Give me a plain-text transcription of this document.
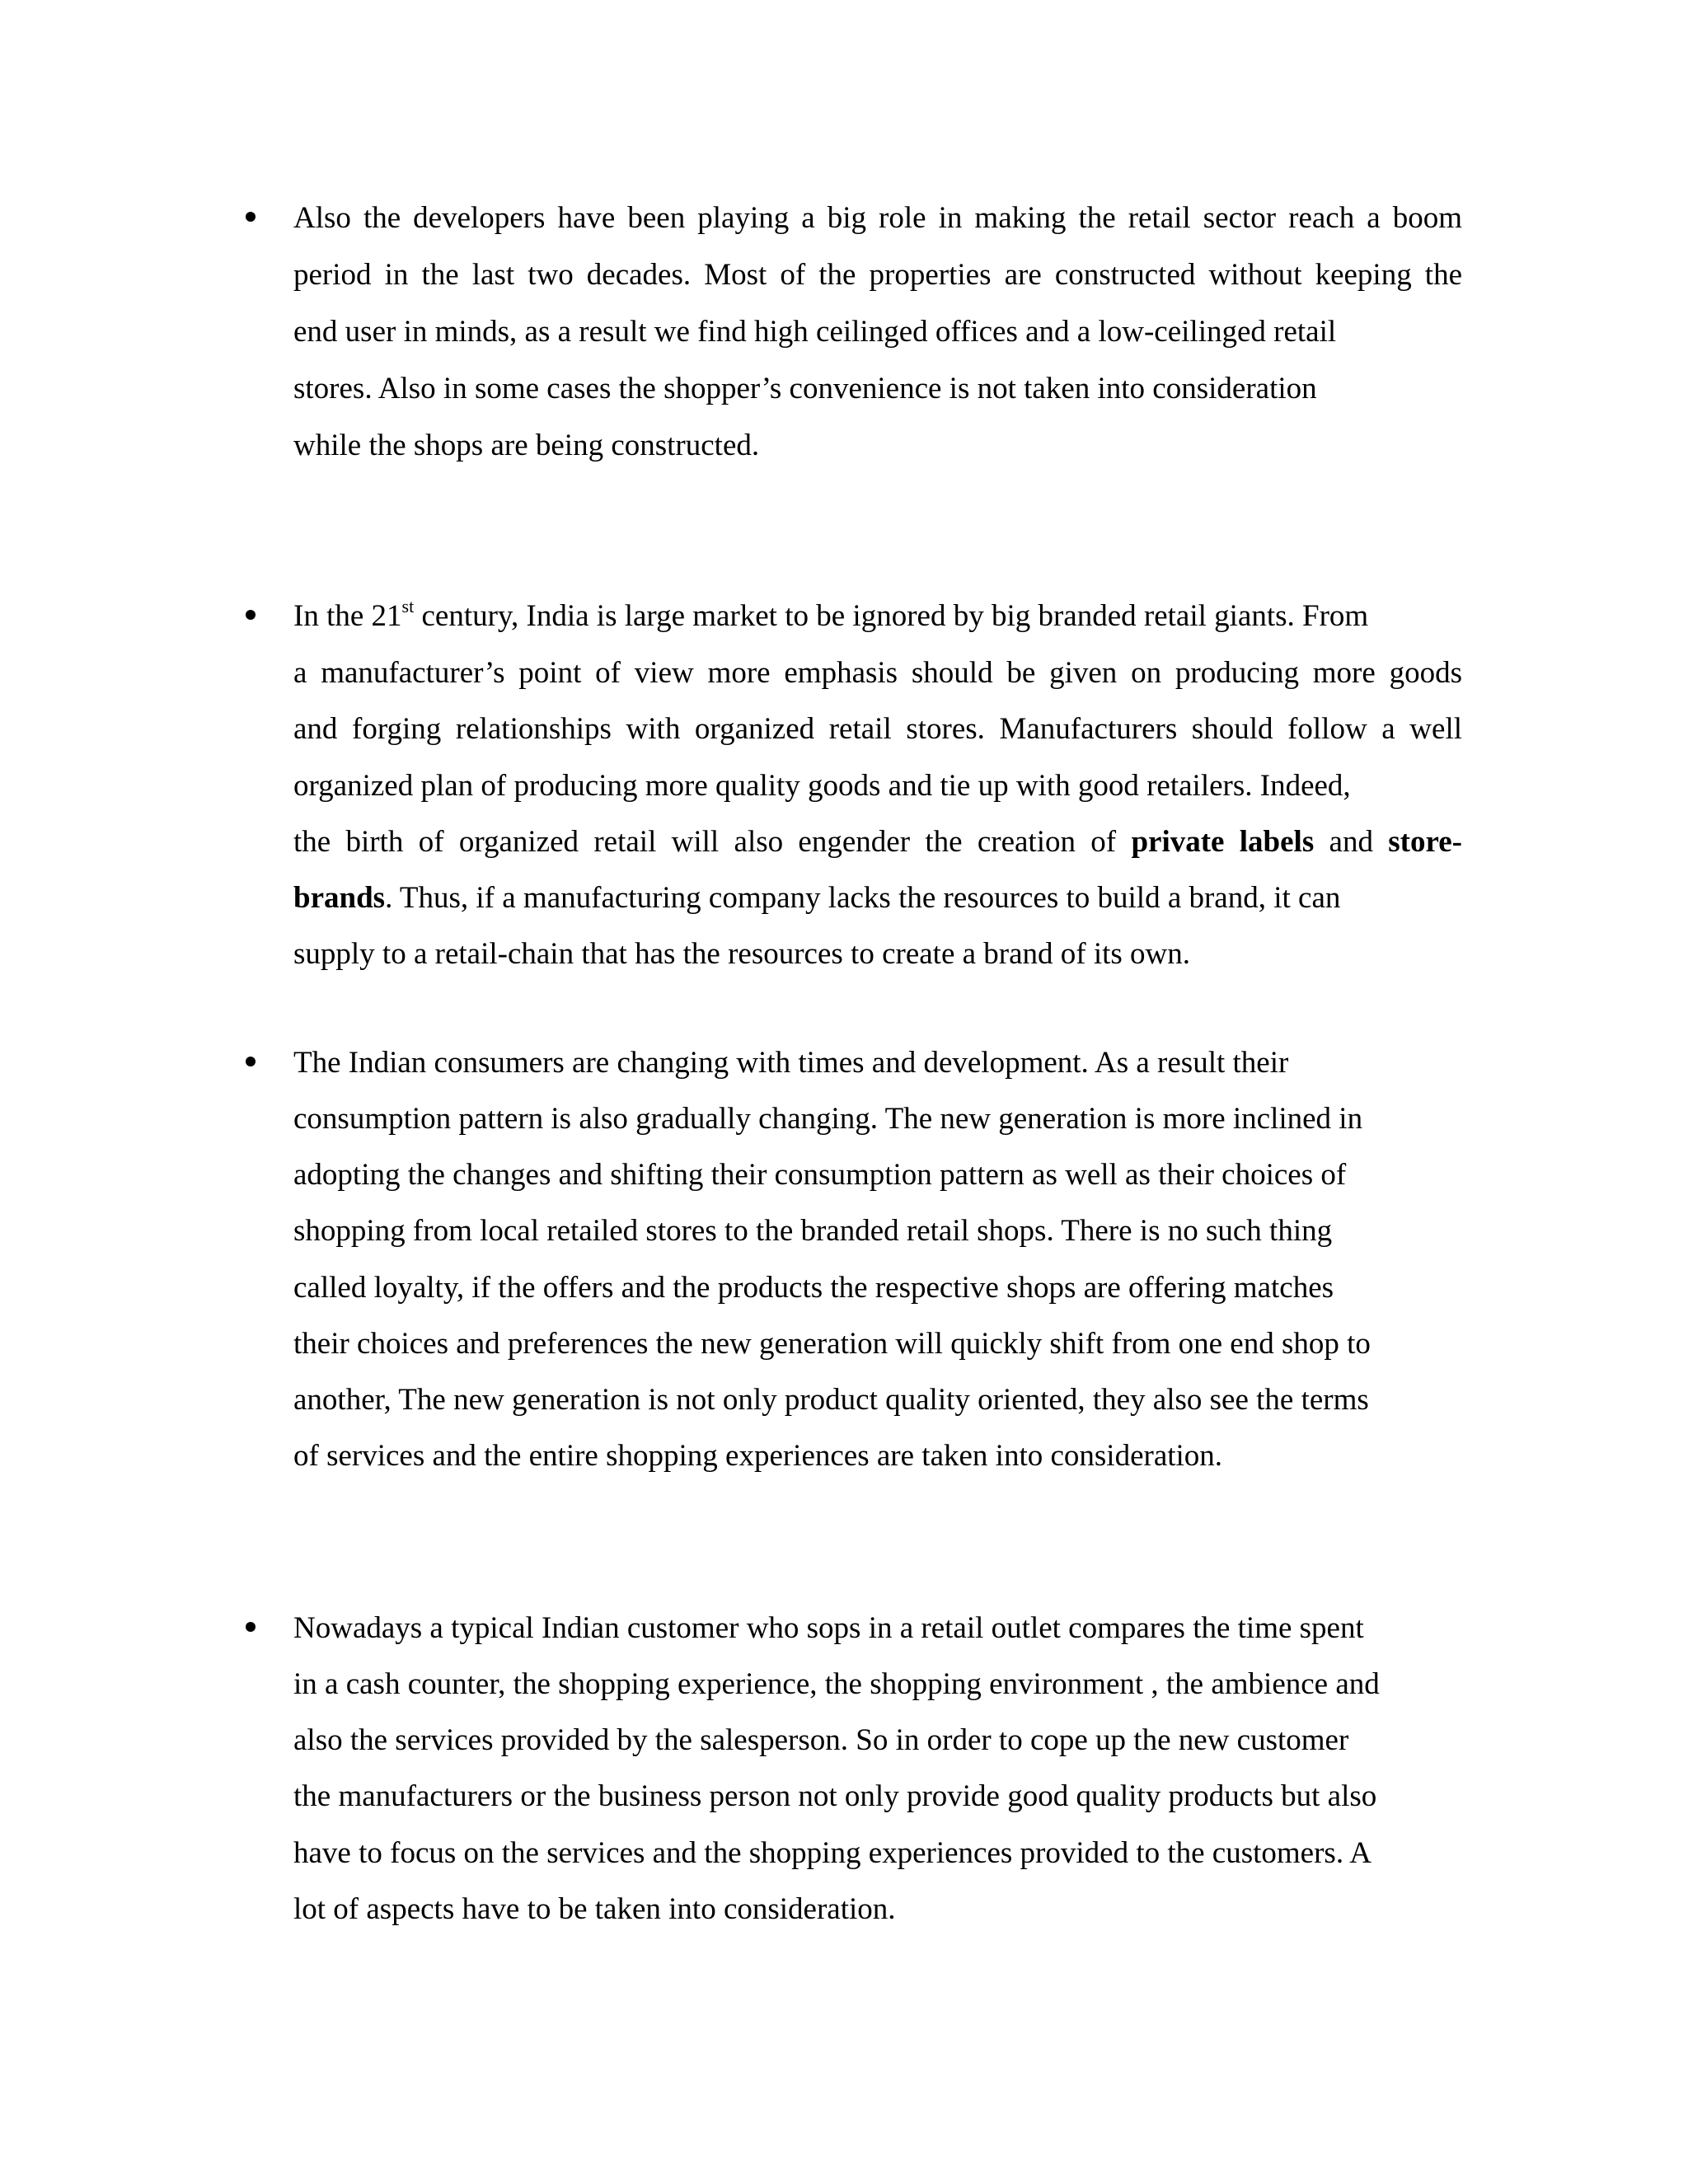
Also the developers have been playing a big role in making the retail sector reach a boom
period in the last two decades. Most of the properties are constructed without keeping the
end user in minds, as a result we find high ceilinged offices and a low-ceilinged retail
stores. Also in some cases the shopper’s convenience is not taken into consideration
while the shops are being constructed.
In the 21st century, India is large market to be ignored by big branded retail giants. From
a manufacturer’s point of view more emphasis should be given on producing more goods
and forging relationships with organized retail stores. Manufacturers should follow a well
organized plan of producing more quality goods and tie up with good retailers. Indeed,
the birth of organized retail will also engender the creation of private labels and store-
brands. Thus, if a manufacturing company lacks the resources to build a brand, it can
supply to a retail-chain that has the resources to create a brand of its own.
The Indian consumers are changing with times and development. As a result their
consumption pattern is also gradually changing. The new generation is more inclined in
adopting the changes and shifting their consumption pattern as well as their choices of
shopping from local retailed stores to the branded retail shops. There is no such thing
called loyalty, if the offers and the products the respective shops are offering matches
their choices and preferences the new generation will quickly shift from one end shop to
another, The new generation is not only product quality oriented, they also see the terms
of services and the entire shopping experiences are taken into consideration.
Nowadays a typical Indian customer who sops in a retail outlet compares the time spent
in a cash counter, the shopping experience, the shopping environment , the ambience and
also the services provided by the salesperson. So in order to cope up the new customer
the manufacturers or the business person not only provide good quality products but also
have to focus on the services and the shopping experiences provided to the customers. A
lot of aspects have to be taken into consideration.
